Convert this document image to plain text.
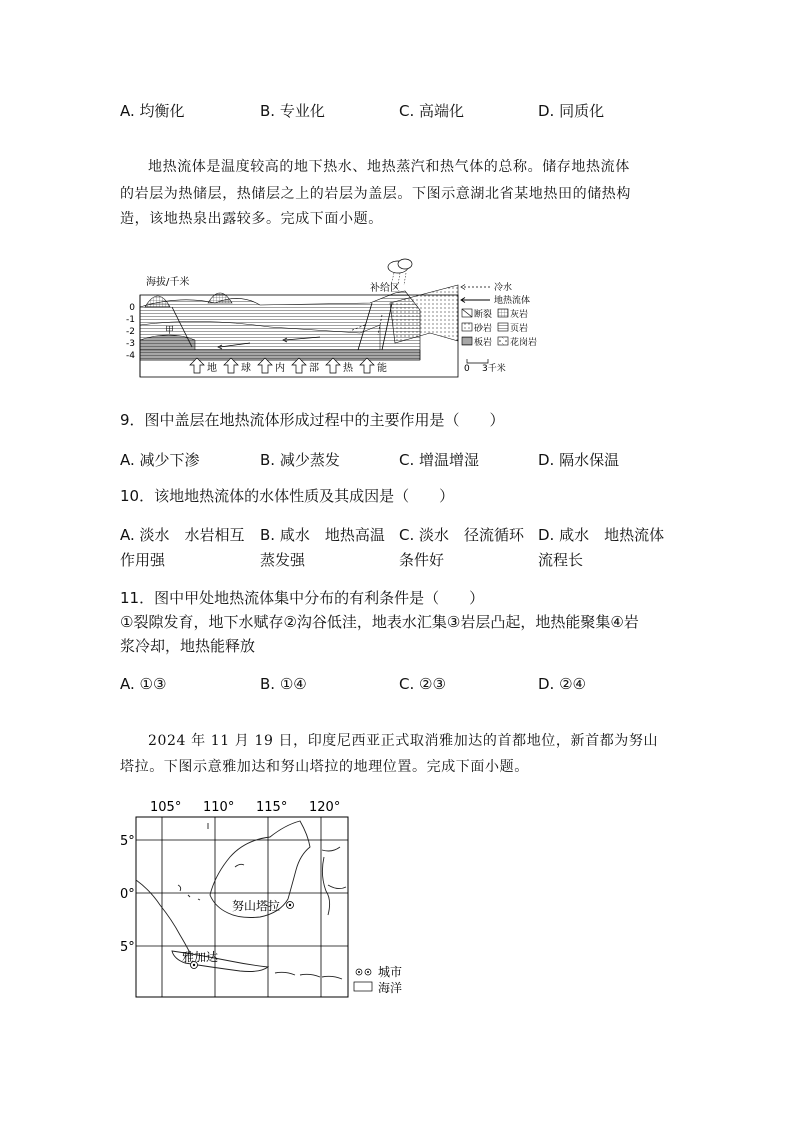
A. 均衡化	B. 专业化	C. 高端化	D. 同质化
地热流体是温度较高的地下热水、地热蒸汽和热气体的总称。储存地热流体
的岩层为热储层，热储层之上的岩层为盖层。下图示意湖北省某地热田的储热构
造，该地热泉出露较多。完成下面小题。
海拔/千米
0
-1
-2
-3
-4
补给区
甲
地 球 内 部 热 能
冷水
地热流体
断裂 灰岩
砂岩 页岩
板岩 花岗岩
0 3千米
9．图中盖层在地热流体形成过程中的主要作用是（　　）
A. 减少下渗	B. 减少蒸发	C. 增温增湿	D. 隔水保温
10．该地地热流体的水体性质及其成因是（　　）
A. 淡水　水岩相互
作用强
B. 咸水　地热高温
蒸发强
C. 淡水　径流循环
条件好
D. 咸水　地热流体
流程长
11．图中甲处地热流体集中分布的有利条件是（　　）
①裂隙发育，地下水赋存②沟谷低洼，地表水汇集③岩层凸起，地热能聚集④岩
浆冷却，地热能释放
A. ①③	B. ①④	C. ②③	D. ②④
2024 年 11 月 19 日，印度尼西亚正式取消雅加达的首都地位，新首都为努山
塔拉。下图示意雅加达和努山塔拉的地理位置。完成下面小题。
105° 110° 115° 120°
5°
0°
5°
努山塔拉
雅加达
城市
海洋
